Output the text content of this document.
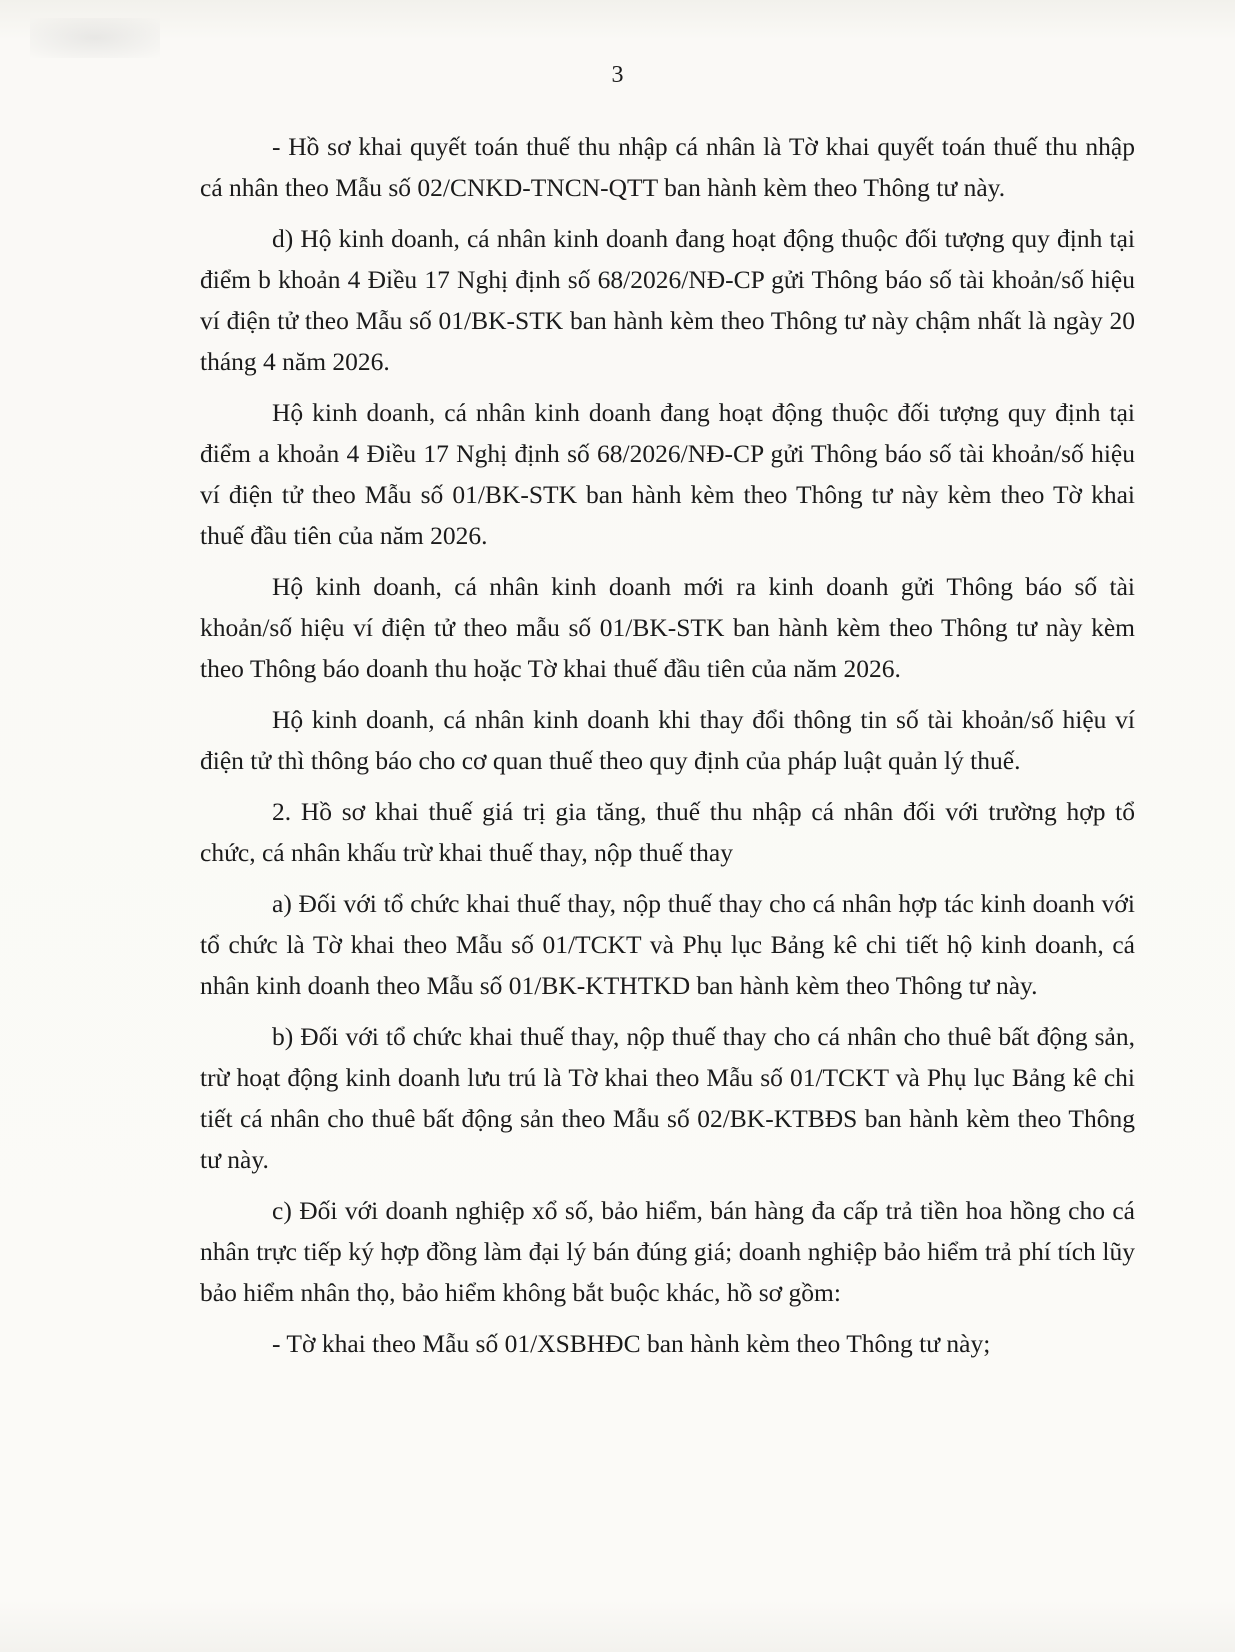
3

- Hồ sơ khai quyết toán thuế thu nhập cá nhân là Tờ khai quyết toán thuế thu nhập cá nhân theo Mẫu số 02/CNKD-TNCN-QTT ban hành kèm theo Thông tư này.

d) Hộ kinh doanh, cá nhân kinh doanh đang hoạt động thuộc đối tượng quy định tại điểm b khoản 4 Điều 17 Nghị định số 68/2026/NĐ-CP gửi Thông báo số tài khoản/số hiệu ví điện tử theo Mẫu số 01/BK-STK ban hành kèm theo Thông tư này chậm nhất là ngày 20 tháng 4 năm 2026.

Hộ kinh doanh, cá nhân kinh doanh đang hoạt động thuộc đối tượng quy định tại điểm a khoản 4 Điều 17 Nghị định số 68/2026/NĐ-CP gửi Thông báo số tài khoản/số hiệu ví điện tử theo Mẫu số 01/BK-STK ban hành kèm theo Thông tư này kèm theo Tờ khai thuế đầu tiên của năm 2026.

Hộ kinh doanh, cá nhân kinh doanh mới ra kinh doanh gửi Thông báo số tài khoản/số hiệu ví điện tử theo mẫu số 01/BK-STK ban hành kèm theo Thông tư này kèm theo Thông báo doanh thu hoặc Tờ khai thuế đầu tiên của năm 2026.

Hộ kinh doanh, cá nhân kinh doanh khi thay đổi thông tin số tài khoản/số hiệu ví điện tử thì thông báo cho cơ quan thuế theo quy định của pháp luật quản lý thuế.

2. Hồ sơ khai thuế giá trị gia tăng, thuế thu nhập cá nhân đối với trường hợp tổ chức, cá nhân khấu trừ khai thuế thay, nộp thuế thay

a) Đối với tổ chức khai thuế thay, nộp thuế thay cho cá nhân hợp tác kinh doanh với tổ chức là Tờ khai theo Mẫu số 01/TCKT và Phụ lục Bảng kê chi tiết hộ kinh doanh, cá nhân kinh doanh theo Mẫu số 01/BK-KTHTKD ban hành kèm theo Thông tư này.

b) Đối với tổ chức khai thuế thay, nộp thuế thay cho cá nhân cho thuê bất động sản, trừ hoạt động kinh doanh lưu trú là Tờ khai theo Mẫu số 01/TCKT và Phụ lục Bảng kê chi tiết cá nhân cho thuê bất động sản theo Mẫu số 02/BK-KTBĐS ban hành kèm theo Thông tư này.

c) Đối với doanh nghiệp xổ số, bảo hiểm, bán hàng đa cấp trả tiền hoa hồng cho cá nhân trực tiếp ký hợp đồng làm đại lý bán đúng giá; doanh nghiệp bảo hiểm trả phí tích lũy bảo hiểm nhân thọ, bảo hiểm không bắt buộc khác, hồ sơ gồm:

- Tờ khai theo Mẫu số 01/XSBHĐC ban hành kèm theo Thông tư này;
